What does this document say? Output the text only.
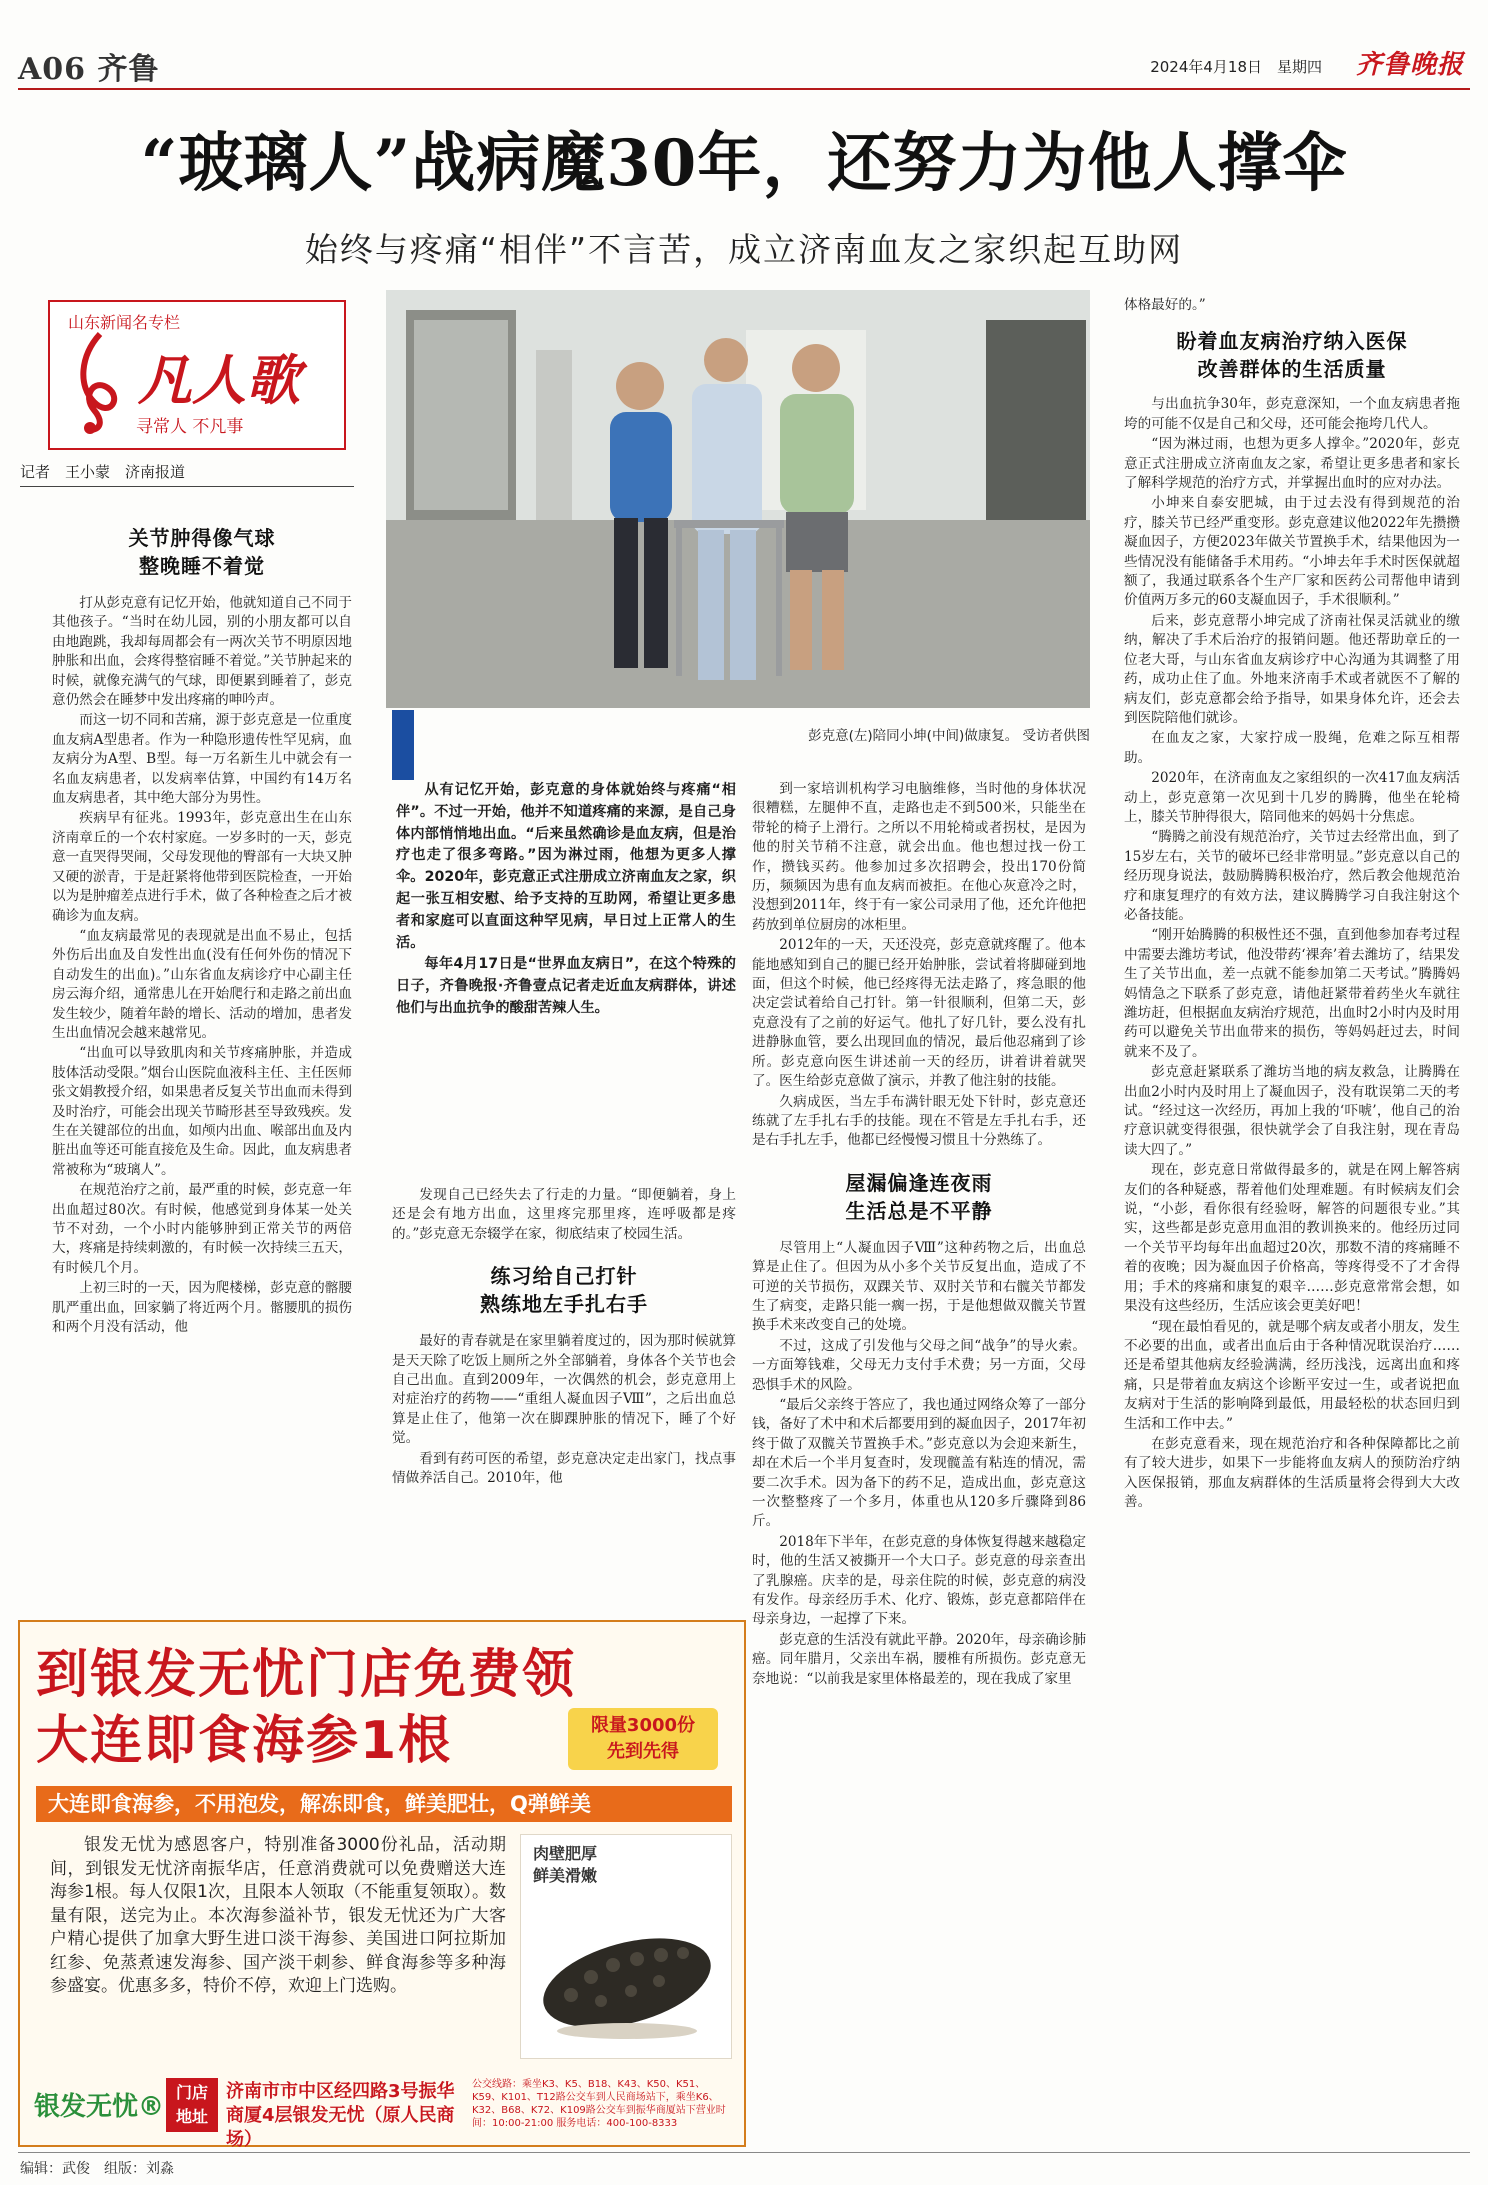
A06 齐鲁	2024年4月18日　星期四 齐鲁晚报
“玻璃人”战病魔30年，还努力为他人撑伞
始终与疼痛“相伴”不言苦，成立济南血友之家织起互助网
山东新闻名专栏
凡人歌
寻常人 不凡事
记者　王小蒙　济南报道
彭克意(左)陪同小坤(中间)做康复。 受访者供图

从有记忆开始，彭克意的身体就始终与疼痛“相伴”。不过一开始，他并不知道疼痛的来源，是自己身体内部悄悄地出血。“后来虽然确诊是血友病，但是治疗也走了很多弯路。”因为淋过雨，他想为更多人撑伞。2020年，彭克意正式注册成立济南血友之家，织起一张互相安慰、给予支持的互助网，希望让更多患者和家庭可以直面这种罕见病，早日过上正常人的生活。

每年4月17日是“世界血友病日”，在这个特殊的日子，齐鲁晚报·齐鲁壹点记者走近血友病群体，讲述他们与出血抗争的酸甜苦辣人生。

关节肿得像气球
整晚睡不着觉

打从彭克意有记忆开始，他就知道自己不同于其他孩子。“当时在幼儿园，别的小朋友都可以自由地跑跳，我却每周都会有一两次关节不明原因地肿胀和出血，会疼得整宿睡不着觉。”关节肿起来的时候，就像充满气的气球，即便累到睡着了，彭克意仍然会在睡梦中发出疼痛的呻吟声。

而这一切不同和苦痛，源于彭克意是一位重度血友病A型患者。作为一种隐形遗传性罕见病，血友病分为A型、B型。每一万名新生儿中就会有一名血友病患者，以发病率估算，中国约有14万名血友病患者，其中绝大部分为男性。

疾病早有征兆。1993年，彭克意出生在山东济南章丘的一个农村家庭。一岁多时的一天，彭克意一直哭得哭闹，父母发现他的臀部有一大块又肿又硬的淤青，于是赶紧将他带到医院检查，一开始以为是肿瘤差点进行手术，做了各种检查之后才被确诊为血友病。

“血友病最常见的表现就是出血不易止，包括外伤后出血及自发性出血(没有任何外伤的情况下自动发生的出血)。”山东省血友病诊疗中心副主任房云海介绍，通常患儿在开始爬行和走路之前出血发生较少，随着年龄的增长、活动的增加，患者发生出血情况会越来越常见。

“出血可以导致肌肉和关节疼痛肿胀，并造成肢体活动受限。”烟台山医院血液科主任、主任医师张文娟教授介绍，如果患者反复关节出血而未得到及时治疗，可能会出现关节畸形甚至导致残疾。发生在关键部位的出血，如颅内出血、喉部出血及内脏出血等还可能直接危及生命。因此，血友病患者常被称为“玻璃人”。

在规范治疗之前，最严重的时候，彭克意一年出血超过80次。有时候，他感觉到身体某一处关节不对劲，一个小时内能够肿到正常关节的两倍大，疼痛是持续刺激的，有时候一次持续三五天，有时候几个月。

上初三时的一天，因为爬楼梯，彭克意的髂腰肌严重出血，回家躺了将近两个月。髂腰肌的损伤和两个月没有活动，他

发现自己已经失去了行走的力量。“即便躺着，身上还是会有地方出血，这里疼完那里疼，连呼吸都是疼的。”彭克意无奈辍学在家，彻底结束了校园生活。

练习给自己打针
熟练地左手扎右手

最好的青春就是在家里躺着度过的，因为那时候就算是天天除了吃饭上厕所之外全部躺着，身体各个关节也会自己出血。直到2009年，一次偶然的机会，彭克意用上对症治疗的药物——“重组人凝血因子Ⅷ”，之后出血总算是止住了，他第一次在脚踝肿胀的情况下，睡了个好觉。

看到有药可医的希望，彭克意决定走出家门，找点事情做养活自己。2010年，他

到一家培训机构学习电脑维修，当时他的身体状况很糟糕，左腿伸不直，走路也走不到500米，只能坐在带轮的椅子上滑行。之所以不用轮椅或者拐杖，是因为他的肘关节稍不注意，就会出血。他也想过找一份工作，攒钱买药。他参加过多次招聘会，投出170份简历，频频因为患有血友病而被拒。在他心灰意冷之时，没想到2011年，终于有一家公司录用了他，还允许他把药放到单位厨房的冰柜里。

2012年的一天，天还没亮，彭克意就疼醒了。他本能地感知到自己的腿已经开始肿胀，尝试着将脚碰到地面，但这个时候，他已经疼得无法走路了，疼急眼的他决定尝试着给自己打针。第一针很顺利，但第二天，彭克意没有了之前的好运气。他扎了好几针，要么没有扎进静脉血管，要么出现回血的情况，最后他忍痛到了诊所。彭克意向医生讲述前一天的经历，讲着讲着就哭了。医生给彭克意做了演示，并教了他注射的技能。

久病成医，当左手布满针眼无处下针时，彭克意还练就了左手扎右手的技能。现在不管是左手扎右手，还是右手扎左手，他都已经慢慢习惯且十分熟练了。

屋漏偏逢连夜雨
生活总是不平静

尽管用上“人凝血因子Ⅷ”这种药物之后，出血总算是止住了。但因为从小多个关节反复出血，造成了不可逆的关节损伤，双踝关节、双肘关节和右髋关节都发生了病变，走路只能一瘸一拐，于是他想做双髋关节置换手术来改变自己的处境。

不过，这成了引发他与父母之间“战争”的导火索。一方面筹钱难，父母无力支付手术费；另一方面，父母恐惧手术的风险。

“最后父亲终于答应了，我也通过网络众筹了一部分钱，备好了术中和术后都要用到的凝血因子，2017年初终于做了双髋关节置换手术。”彭克意以为会迎来新生，却在术后一个半月复查时，发现髋盖有粘连的情况，需要二次手术。因为备下的药不足，造成出血，彭克意这一次整整疼了一个多月，体重也从120多斤骤降到86斤。

2018年下半年，在彭克意的身体恢复得越来越稳定时，他的生活又被撕开一个大口子。彭克意的母亲查出了乳腺癌。庆幸的是，母亲住院的时候，彭克意的病没有发作。母亲经历手术、化疗、锻炼，彭克意都陪伴在母亲身边，一起撑了下来。

彭克意的生活没有就此平静。2020年，母亲确诊肺癌。同年腊月，父亲出车祸，腰椎有所损伤。彭克意无奈地说：“以前我是家里体格最差的，现在我成了家里

体格最好的。”

盼着血友病治疗纳入医保
改善群体的生活质量

与出血抗争30年，彭克意深知，一个血友病患者拖垮的可能不仅是自己和父母，还可能会拖垮几代人。

“因为淋过雨，也想为更多人撑伞。”2020年，彭克意正式注册成立济南血友之家，希望让更多患者和家长了解科学规范的治疗方式，并掌握出血时的应对办法。

小坤来自泰安肥城，由于过去没有得到规范的治疗，膝关节已经严重变形。彭克意建议他2022年先攒攒凝血因子，方便2023年做关节置换手术，结果他因为一些情况没有能储备手术用药。“小坤去年手术时医保就超额了，我通过联系各个生产厂家和医药公司帮他申请到价值两万多元的60支凝血因子，手术很顺利。”

后来，彭克意帮小坤完成了济南社保灵活就业的缴纳，解决了手术后治疗的报销问题。他还帮助章丘的一位老大哥，与山东省血友病诊疗中心沟通为其调整了用药，成功止住了血。外地来济南手术或者就医不了解的病友们，彭克意都会给予指导，如果身体允许，还会去到医院陪他们就诊。

在血友之家，大家拧成一股绳，危难之际互相帮助。

2020年，在济南血友之家组织的一次417血友病活动上，彭克意第一次见到十几岁的腾腾，他坐在轮椅上，膝关节肿得很大，陪同他来的妈妈十分焦虑。

“腾腾之前没有规范治疗，关节过去经常出血，到了15岁左右，关节的破坏已经非常明显。”彭克意以自己的经历现身说法，鼓励腾腾积极治疗，然后教会他规范治疗和康复理疗的有效方法，建议腾腾学习自我注射这个必备技能。

“刚开始腾腾的积极性还不强，直到他参加春考过程中需要去潍坊考试，他没带药‘裸奔’着去潍坊了，结果发生了关节出血，差一点就不能参加第二天考试。”腾腾妈妈情急之下联系了彭克意，请他赶紧带着药坐火车就往潍坊赶，但根据血友病治疗规范，出血时2小时内及时用药可以避免关节出血带来的损伤，等妈妈赶过去，时间就来不及了。

彭克意赶紧联系了潍坊当地的病友救急，让腾腾在出血2小时内及时用上了凝血因子，没有耽误第二天的考试。“经过这一次经历，再加上我的‘吓唬’，他自己的治疗意识就变得很强，很快就学会了自我注射，现在青岛读大四了。”

现在，彭克意日常做得最多的，就是在网上解答病友们的各种疑惑，帮着他们处理难题。有时候病友们会说，“小彭，看你很有经验呀，解答的问题很专业。”其实，这些都是彭克意用血泪的教训换来的。他经历过同一个关节平均每年出血超过20次，那数不清的疼痛睡不着的夜晚；因为凝血因子价格高，等疼得受不了才舍得用；手术的疼痛和康复的艰辛……彭克意常常会想，如果没有这些经历，生活应该会更美好吧！

“现在最怕看见的，就是哪个病友或者小朋友，发生不必要的出血，或者出血后由于各种情况耽误治疗……还是希望其他病友经验满满，经历浅浅，远离出血和疼痛，只是带着血友病这个诊断平安过一生，或者说把血友病对于生活的影响降到最低，用最轻松的状态回归到生活和工作中去。”

在彭克意看来，现在规范治疗和各种保障都比之前有了较大进步，如果下一步能将血友病人的预防治疗纳入医保报销，那血友病群体的生活质量将会得到大大改善。

到银发无忧门店免费领
大连即食海参1根	限量3000份
先到先得
大连即食海参，不用泡发，解冻即食，鲜美肥壮，Q弹鲜美
银发无忧为感恩客户，特别准备3000份礼品，活动期间，到银发无忧济南振华店，任意消费就可以免费赠送大连海参1根。每人仅限1次，且限本人领取（不能重复领取）。数量有限，送完为止。本次海参溢补节，银发无忧还为广大客户精心提供了加拿大野生进口淡干海参、美国进口阿拉斯加红参、免蒸煮速发海参、国产淡干刺参、鲜食海参等多种海参盛宴。优惠多多，特价不停，欢迎上门选购。
肉壁肥厚
鲜美滑嫩
银发无忧® 门店
地址
济南市市中区经四路3号振华
商厦4层银发无忧（原人民商场）
公交线路：乘坐K3、K5、B18、K43、K50、K51、K59、K101、T12路公交车到人民商场站下，乘坐K6、K32、B68、K72、K109路公交车到振华商厦站下营业时间：10:00-21:00 服务电话：400-100-8333
编辑：武俊　组版：刘淼
